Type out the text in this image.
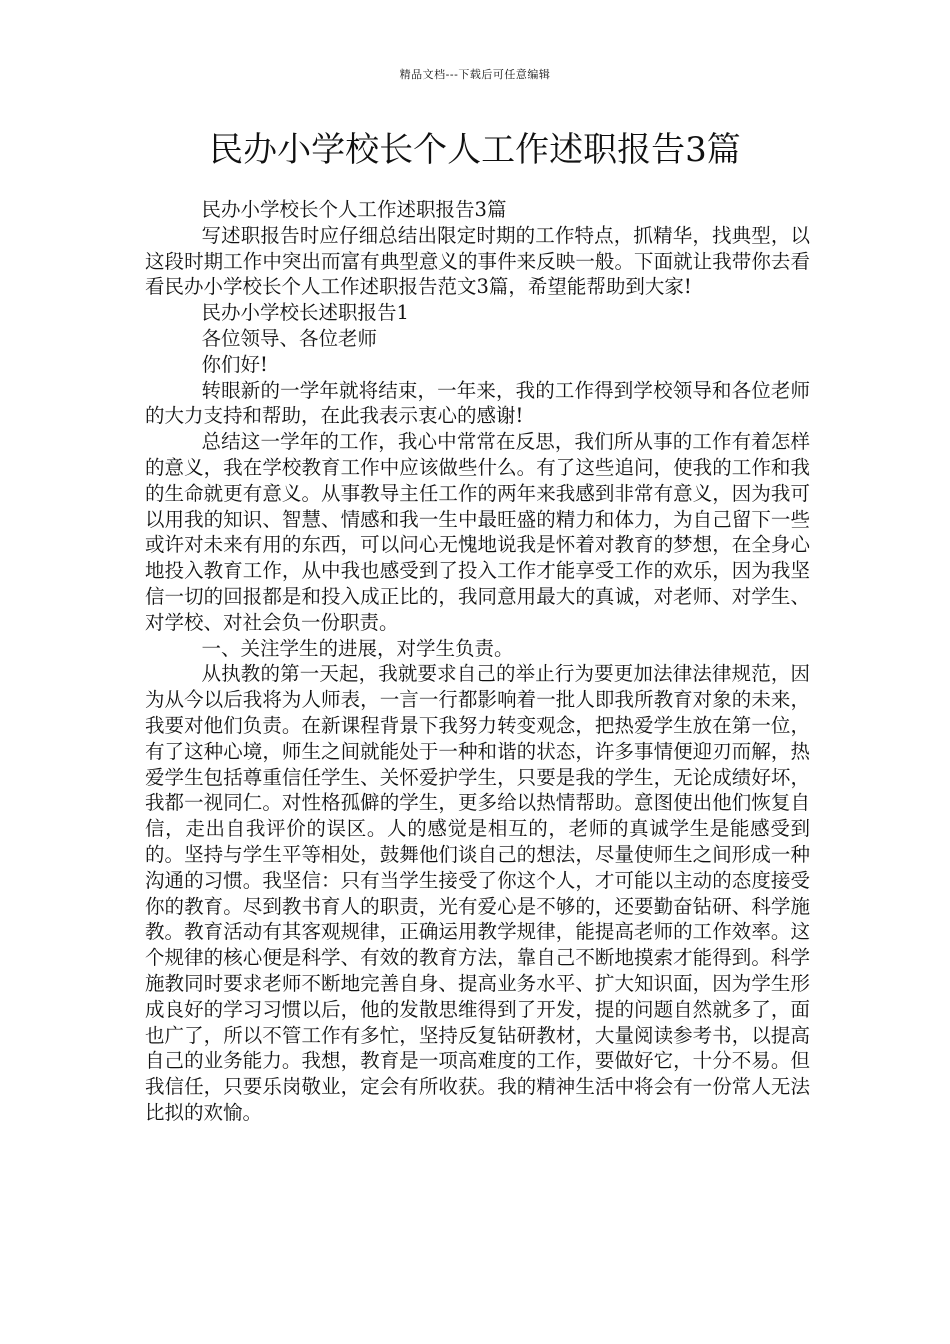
精品文档---下载后可任意编辑
民办小学校长个人工作述职报告3篇

民办小学校长个人工作述职报告3篇

写述职报告时应仔细总结出限定时期的工作特点，抓精华，找典型，以这段时期工作中突出而富有典型意义的事件来反映一般。下面就让我带你去看看民办小学校长个人工作述职报告范文3篇，希望能帮助到大家!

民办小学校长述职报告1

各位领导、各位老师

你们好!

转眼新的一学年就将结束，一年来，我的工作得到学校领导和各位老师的大力支持和帮助，在此我表示衷心的感谢!

总结这一学年的工作，我心中常常在反思，我们所从事的工作有着怎样的意义，我在学校教育工作中应该做些什么。有了这些追问，使我的工作和我的生命就更有意义。从事教导主任工作的两年来我感到非常有意义，因为我可以用我的知识、智慧、情感和我一生中最旺盛的精力和体力，为自己留下一些或许对未来有用的东西，可以问心无愧地说我是怀着对教育的梦想，在全身心地投入教育工作，从中我也感受到了投入工作才能享受工作的欢乐，因为我坚信一切的回报都是和投入成正比的，我同意用最大的真诚，对老师、对学生、对学校、对社会负一份职责。

一、关注学生的进展，对学生负责。

从执教的第一天起，我就要求自己的举止行为要更加法律法律规范，因为从今以后我将为人师表，一言一行都影响着一批人即我所教育对象的未来，我要对他们负责。在新课程背景下我努力转变观念，把热爱学生放在第一位，有了这种心境，师生之间就能处于一种和谐的状态，许多事情便迎刃而解，热爱学生包括尊重信任学生、关怀爱护学生，只要是我的学生，无论成绩好坏，我都一视同仁。对性格孤僻的学生，更多给以热情帮助。意图使出他们恢复自信，走出自我评价的误区。人的感觉是相互的，老师的真诚学生是能感受到的。坚持与学生平等相处，鼓舞他们谈自己的想法，尽量使师生之间形成一种沟通的习惯。我坚信：只有当学生接受了你这个人，才可能以主动的态度接受你的教育。尽到教书育人的职责，光有爱心是不够的，还要勤奋钻研、科学施教。教育活动有其客观规律，正确运用教学规律，能提高老师的工作效率。这个规律的核心便是科学、有效的教育方法，靠自己不断地摸索才能得到。科学施教同时要求老师不断地完善自身、提高业务水平、扩大知识面，因为学生形成良好的学习习惯以后，他的发散思维得到了开发，提的问题自然就多了，面也广了，所以不管工作有多忙，坚持反复钻研教材，大量阅读参考书，以提高自己的业务能力。我想，教育是一项高难度的工作，要做好它，十分不易。但我信任，只要乐岗敬业，定会有所收获。我的精神生活中将会有一份常人无法比拟的欢愉。
